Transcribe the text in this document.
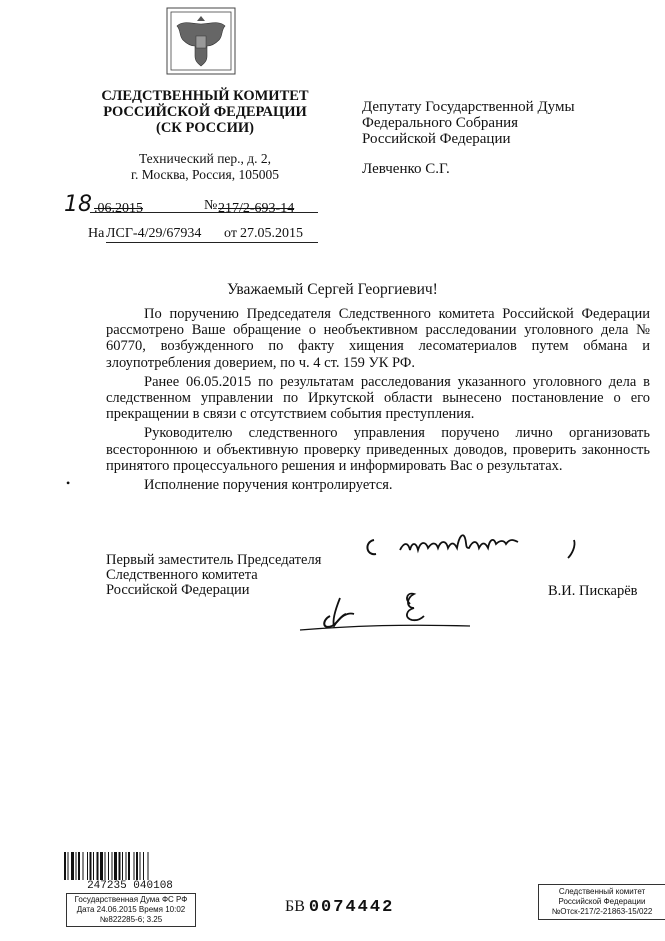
СЛЕДСТВЕННЫЙ КОМИТЕТ
РОССИЙСКОЙ ФЕДЕРАЦИИ
(СК РОССИИ)
Технический пер., д. 2,
г. Москва, Россия, 105005
Депутату Государственной Думы
Федерального Собрания
Российской Федерации
Левченко С.Г.
18 .06.2015	№ 217/2-693-14
На ЛСГ-4/29/67934 от 27.05.2015
Уважаемый Сергей Георгиевич!

По поручению Председателя Следственного комитета Российской Федерации рассмотрено Ваше обращение о необъективном расследовании уголовного дела № 60770, возбужденного по факту хищения лесоматериалов путем обмана и злоупотребления доверием, по ч. 4 ст. 159 УК РФ.

Ранее 06.05.2015 по результатам расследования указанного уголовного дела в следственном управлении по Иркутской области вынесено постановление о его прекращении в связи с отсутствием события преступления.

Руководителю следственного управления поручено лично организовать всестороннюю и объективную проверку приведенных доводов, проверить законность принятого процессуального решения и информировать Вас о результатах.

Исполнение поручения контролируется.

•
Первый заместитель Председателя
Следственного комитета
Российской Федерации	В.И. Пискарёв
247235 040108
Государственная Дума ФС РФ
Дата 24.06.2015 Время 10:02
№822285-6; 3.25
БВ 0074442
Следственный комитет
Российской Федерации
№Отск-217/2-21863-15/022
